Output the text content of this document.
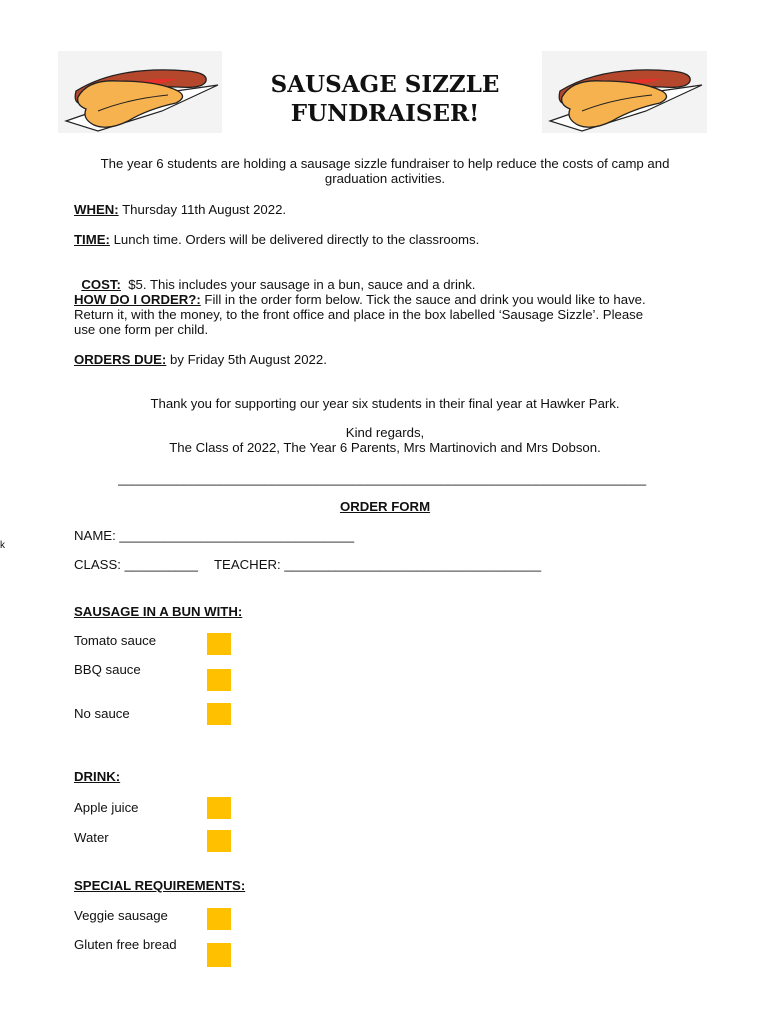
SAUSAGE SIZZLE
FUNDRAISER!
The year 6 students are holding a sausage sizzle fundraiser to help reduce the costs of camp and
graduation activities.
WHEN: Thursday 11th August 2022.
TIME: Lunch time. Orders will be delivered directly to the classrooms.

COST:  $5. This includes your sausage in a bun, sauce and a drink.

HOW DO I ORDER?: Fill in the order form below. Tick the sauce and drink you would like to have.
Return it, with the money, to the front office and place in the box labelled ‘Sausage Sizzle’. Please
use one form per child.
ORDERS DUE: by Friday 5th August 2022.
Thank you for supporting our year six students in their final year at Hawker Park.
Kind regards,
The Class of 2022, The Year 6 Parents, Mrs Martinovich and Mrs Dobson.
________________________________________________________________________
ORDER FORM
NAME: ________________________________
CLASS: __________ TEACHER: ___________________________________
k
SAUSAGE IN A BUN WITH:
Tomato sauce
BBQ sauce
No sauce
DRINK:
Apple juice
Water
SPECIAL REQUIREMENTS:
Veggie sausage
Gluten free bread
